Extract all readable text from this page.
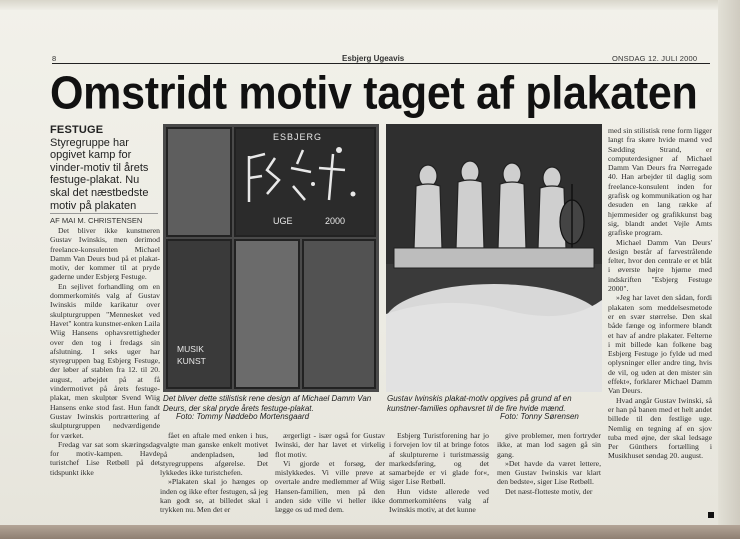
8	Esbjerg Ugeavis	ONSDAG 12. JULI 2000
Omstridt motiv taget af plakaten
FESTUGE Styregruppe har opgivet kamp for vinder-motiv til årets festuge-plakat. Nu skal det næstbedste motiv på plakaten
AF MAI M. CHRISTENSEN

Det bliver ikke kunstneren Gustav Iwinskis, men derimod freelance-konsulenten Michael Damm Van Deurs bud på et plakat-motiv, der kommer til at pryde gaderne under Esbjerg Festuge.

En sejlivet forhandling om en dommerkomités valg af Gustav Iwinskis milde karikatur over skulpturgruppen "Mennesket ved Havet" kontra kunstner-enken Laila Wiig Hansens ophavsrettigheder over den tog i fredags sin afslutning. I seks uger har styregruppen bag Esbjerg Festuge, der løber af stablen fra 12. til 20. august, arbejdet på at få vindermotivet på årets festuge-plakat, men skulptør Svend Wiig Hansens enke stod fast. Hun fandt Gustav Iwinskis portrættering af skulpturgruppen nedværdigende for værket.

Fredag var sat som skæringsdag for motiv-kampen. Havde turistchef Lise Retbøll på det tidspunkt ikke

ESBJERG
UGE	2000
MUSIK
KUNST
Det bliver dette stilistisk rene design af Michael Damm Van Deurs, der skal pryde årets festuge-plakat.
Foto: Tommy Nøddebo Mortensgaard
Gustav Iwinskis plakat-motiv opgives på grund af en kunstner-families ophavsret til de fire hvide mænd.
Foto: Tonny Sørensen

fået en aftale med enken i hus, valgte man ganske enkelt motivet på andenpladsen, lød styregruppens afgørelse. Det lykkedes ikke turistchefen.

»Plakaten skal jo hænges op inden og ikke efter festugen, så jeg kan godt se, at billedet skal i trykken nu. Men det er

ærgerligt - især også for Gustav Iwinski, der har lavet et virkelig flot motiv.

Vi gjorde et forsøg, der mislykkedes. Vi ville prøve at overtale andre medlemmer af Wiig Hansen-familien, men på den anden side ville vi heller ikke lægge os ud med dem.

Esbjerg Turistforening har jo i forvejen lov til at bringe fotos af skulpturerne i turistmæssig markedsføring, og det samarbejde er vi glade for«, siger Lise Retbøll.

Hun vidste allerede ved dommerkomitéens valg af Iwinskis motiv, at det kunne

give problemer, men fortryder ikke, at man lod sagen gå sin gang.

»Det havde da været lettere, men Gustav Iwinskis var klart den bedste«, siger Lise Retbøll.

Det næst-flotteste motiv, der

med sin stilistisk rene form ligger langt fra skøre hvide mænd ved Sædding Strand, er computerdesigner af Michael Damm Van Deurs fra Nørregade 40. Han arbejder til daglig som freelance-konsulent inden for grafisk og kommunikation og har desuden en lang række af hjemmesider og grafikkunst bag sig, blandt andet Vejle Amts grafiske program.

Michael Damm Van Deurs' design består af farvestrålende felter, hvor den centrale er et blåt i øverste højre hjørne med indskriften "Esbjerg Festuge 2000".

»Jeg har lavet den sådan, fordi plakaten som meddelsesmetode er en svær størrelse. Den skal både fænge og informere blandt et hav af andre plakater. Felterne i mit billede kan folkene bag Esbjerg Festuge jo fylde ud med oplysninger eller andre ting, hvis de vil, og uden at den mister sin effekt«, forklarer Michael Damm Van Deurs.

Hvad angår Gustav Iwinski, så er han på banen med et helt andet billede til den festlige uge. Nemlig en tegning af en sjov tuba med øjne, der skal ledsage Per Günthers fortælling i Musikhuset søndag 20. august.
